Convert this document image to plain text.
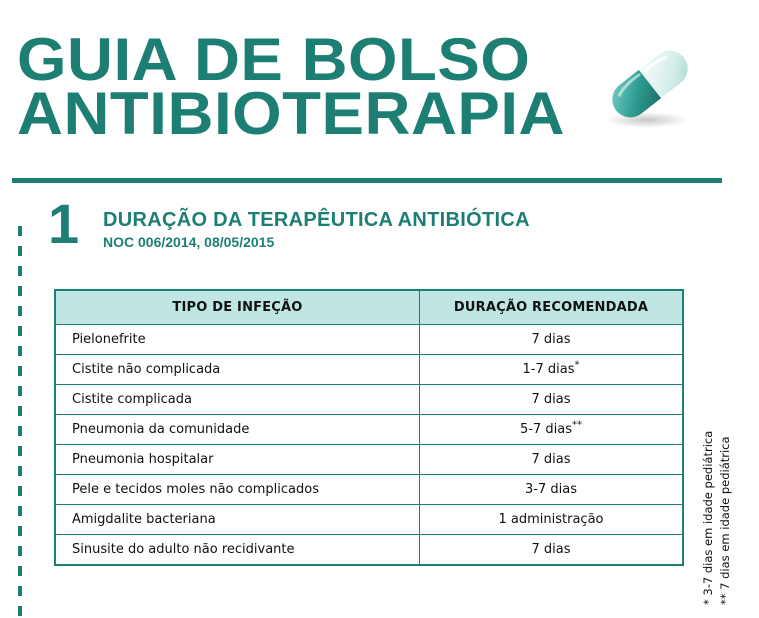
GUIA DE BOLSO
ANTIBIOTERAPIA
1 DURAÇÃO DA TERAPÊUTICA ANTIBIÓTICA
NOC 006/2014, 08/05/2015
TIPO DE INFEÇÃO	DURAÇÃO RECOMENDADA
Pielonefrite	7 dias
Cistite não complicada	1-7 dias*
Cistite complicada	7 dias
Pneumonia da comunidade	5-7 dias**
Pneumonia hospitalar	7 dias
Pele e tecidos moles não complicados	3-7 dias
Amigdalite bacteriana	1 administração
Sinusite do adulto não recidivante	7 dias	* 3-7 dias em idade pediátrica ** 7 dias em idade pediátrica
